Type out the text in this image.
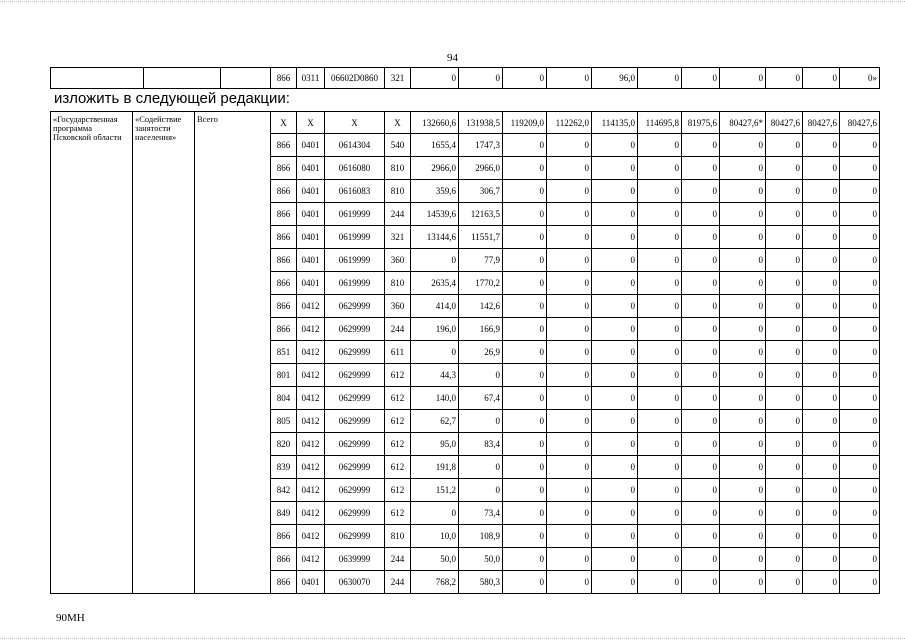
94
			866	0311	06602D0860	321	0	0	0	0	96,0	0	0	0	0	0	0»
изложить в следующей редакции:
«Государственная программа Псковской области	«Содействие занятости населения»	Всего	X	X	X	X	132660,6	131938,5	119209,0	112262,0	114135,0	114695,8	81975,6	80427,6*	80427,6	80427,6	80427,6
			866	0401	0614304	540	1655,4	1747,3	0	0	0	0	0	0	0	0	0
			866	0401	0616080	810	2966,0	2966,0	0	0	0	0	0	0	0	0	0
			866	0401	0616083	810	359,6	306,7	0	0	0	0	0	0	0	0	0
			866	0401	0619999	244	14539,6	12163,5	0	0	0	0	0	0	0	0	0
			866	0401	0619999	321	13144,6	11551,7	0	0	0	0	0	0	0	0	0
			866	0401	0619999	360	0	77,9	0	0	0	0	0	0	0	0	0
			866	0401	0619999	810	2635,4	1770,2	0	0	0	0	0	0	0	0	0
			866	0412	0629999	360	414,0	142,6	0	0	0	0	0	0	0	0	0
			866	0412	0629999	244	196,0	166,9	0	0	0	0	0	0	0	0	0
			851	0412	0629999	611	0	26,9	0	0	0	0	0	0	0	0	0
			801	0412	0629999	612	44,3	0	0	0	0	0	0	0	0	0	0
			804	0412	0629999	612	140,0	67,4	0	0	0	0	0	0	0	0	0
			805	0412	0629999	612	62,7	0	0	0	0	0	0	0	0	0	0
			820	0412	0629999	612	95,0	83,4	0	0	0	0	0	0	0	0	0
			839	0412	0629999	612	191,8	0	0	0	0	0	0	0	0	0	0
			842	0412	0629999	612	151,2	0	0	0	0	0	0	0	0	0	0
			849	0412	0629999	612	0	73,4	0	0	0	0	0	0	0	0	0
			866	0412	0629999	810	10,0	108,9	0	0	0	0	0	0	0	0	0
			866	0412	0639999	244	50,0	50,0	0	0	0	0	0	0	0	0	0
			866	0401	0630070	244	768,2	580,3	0	0	0	0	0	0	0	0	0
90МН
